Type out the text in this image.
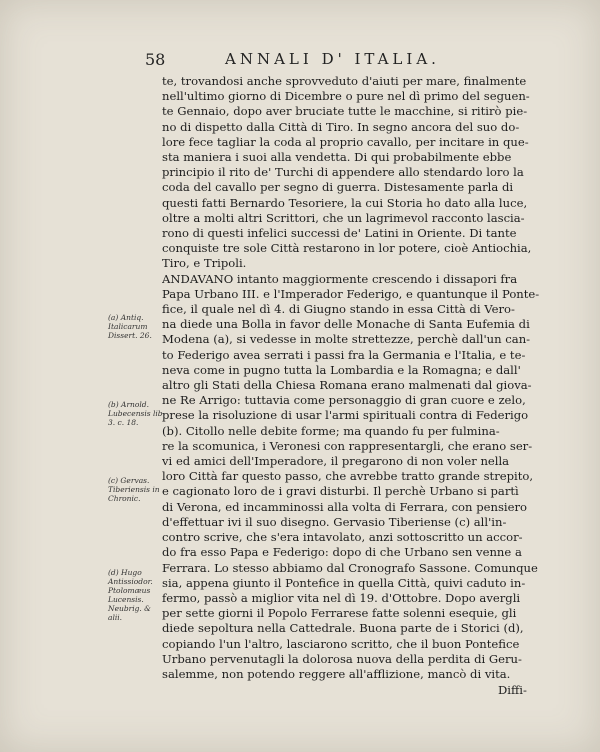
58	ANNALI D' ITALIA.
te, trovandosi anche sprovveduto d'aiuti per mare, finalmente
nell'ultimo giorno di Dicembre o pure nel dì primo del seguen-
te Gennaio, dopo aver bruciate tutte le macchine, si ritirò pie-
no di dispetto dalla Città di Tiro. In segno ancora del suo do-
lore fece tagliar la coda al proprio cavallo, per incitare in que-
sta maniera i suoi alla vendetta. Di qui probabilmente ebbe
principio il rito de' Turchi di appendere allo stendardo loro la
coda del cavallo per segno di guerra. Distesamente parla di
questi fatti Bernardo Tesoriere, la cui Storia ho dato alla luce,
oltre a molti altri Scrittori, che un lagrimevol racconto lascia-
rono di questi infelici successi de' Latini in Oriente. Di tante
conquiste tre sole Città restarono in lor potere, cioè Antiochia,
Tiro, e Tripoli.
ANDAVANO intanto maggiormente crescendo i dissapori fra
Papa Urbano III. e l'Imperador Federigo, e quantunque il Ponte-
fice, il quale nel dì 4. di Giugno stando in essa Città di Vero-
na diede una Bolla in favor delle Monache di Santa Eufemia di
Modena (a), si vedesse in molte strettezze, perchè dall'un can-
to Federigo avea serrati i passi fra la Germania e l'Italia, e te-
neva come in pugno tutta la Lombardia e la Romagna; e dall'
altro gli Stati della Chiesa Romana erano malmenati dal giova-
ne Re Arrigo: tuttavia come personaggio di gran cuore e zelo,
prese la risoluzione di usar l'armi spirituali contra di Federigo
(b). Citollo nelle debite forme; ma quando fu per fulmina-
re la scomunica, i Veronesi con rappresentargli, che erano ser-
vi ed amici dell'Imperadore, il pregarono di non voler nella
loro Città far questo passo, che avrebbe tratto grande strepito,
e cagionato loro de i gravi disturbi. Il perchè Urbano si partì
di Verona, ed incamminossi alla volta di Ferrara, con pensiero
d'effettuar ivi il suo disegno. Gervasio Tiberiense (c) all'in-
contro scrive, che s'era intavolato, anzi sottoscritto un accor-
do fra esso Papa e Federigo: dopo di che Urbano sen venne a
Ferrara. Lo stesso abbiamo dal Cronografo Sassone. Comunque
sia, appena giunto il Pontefice in quella Città, quivi caduto in-
fermo, passò a miglior vita nel dì 19. d'Ottobre. Dopo avergli
per sette giorni il Popolo Ferrarese fatte solenni esequie, gli
diede sepoltura nella Cattedrale. Buona parte de i Storici (d),
copiando l'un l'altro, lasciarono scritto, che il buon Pontefice
Urbano pervenutagli la dolorosa nuova della perdita di Geru-
salemme, non potendo reggere all'afflizione, mancò di vita.
Diffi-
(a) Antiq. Italicarum Dissert. 26.
(b) Arnold. Lubecensis lib. 3. c. 18.
(c) Gervas. Tiberiensis in Chronic.
(d) Hugo Antissiodor. Ptolomæus Lucensis. Neubrig. & alii.
